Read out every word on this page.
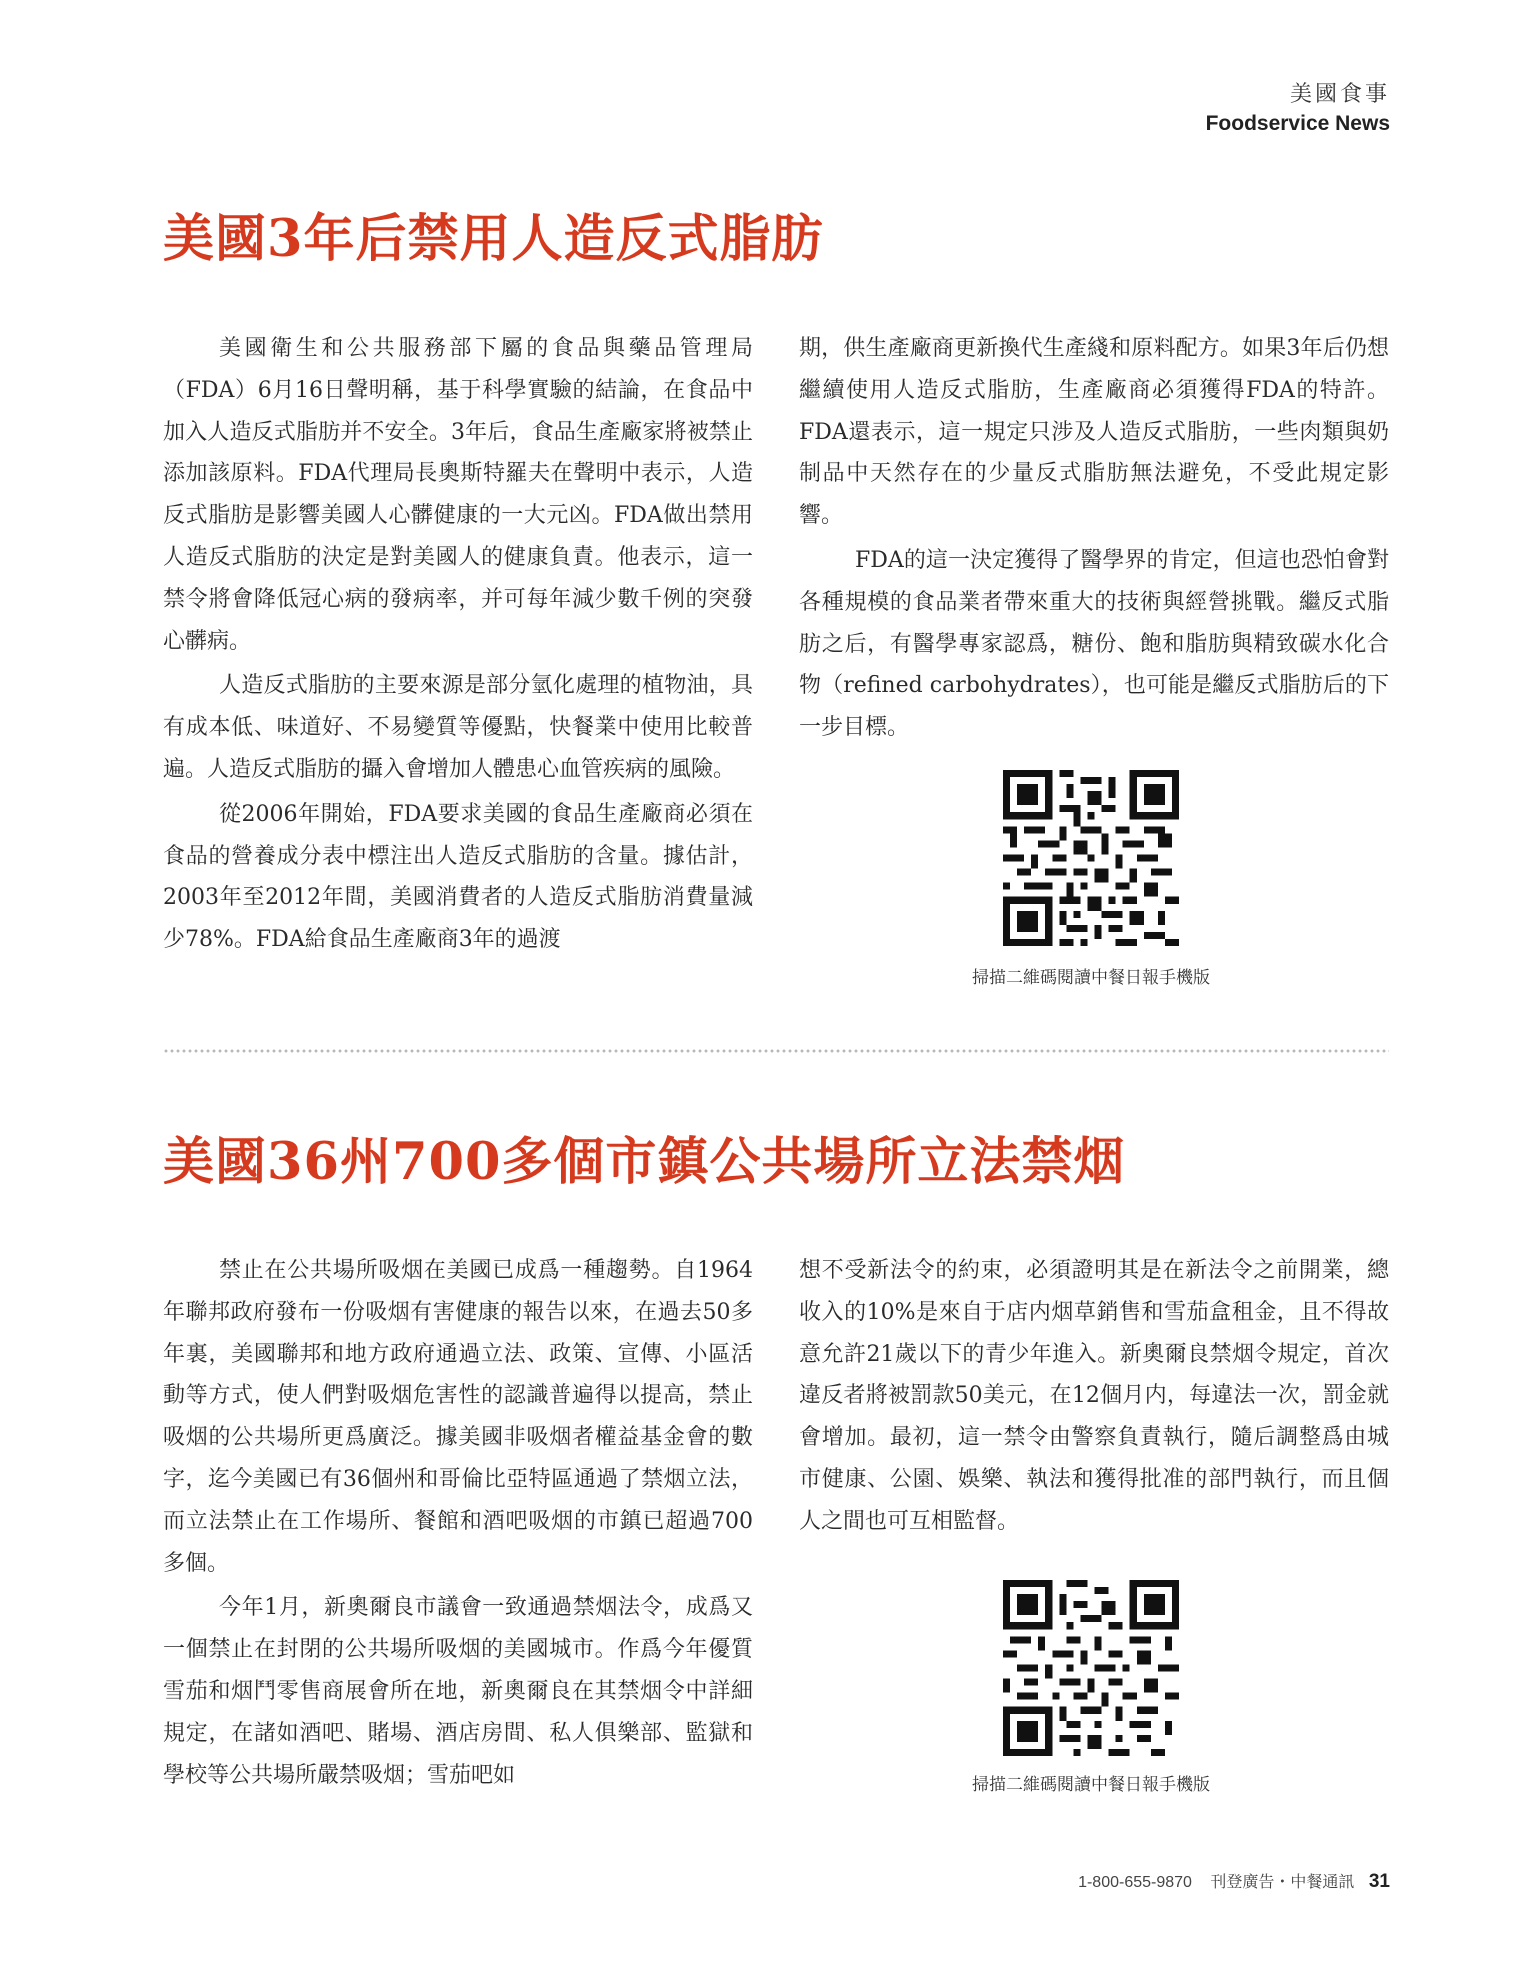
美國食事
Foodservice News
美國3年后禁用人造反式脂肪

美國衛生和公共服務部下屬的食品與藥品管理局（FDA）6月16日聲明稱，基于科學實驗的結論，在食品中加入人造反式脂肪并不安全。3年后，食品生產廠家將被禁止添加該原料。FDA代理局長奧斯特羅夫在聲明中表示，人造反式脂肪是影響美國人心髒健康的一大元凶。FDA做出禁用人造反式脂肪的決定是對美國人的健康負責。他表示，這一禁令將會降低冠心病的發病率，并可每年減少數千例的突發心髒病。

人造反式脂肪的主要來源是部分氫化處理的植物油，具有成本低、味道好、不易變質等優點，快餐業中使用比較普遍。人造反式脂肪的攝入會增加人體患心血管疾病的風險。

從2006年開始，FDA要求美國的食品生產廠商必須在食品的營養成分表中標注出人造反式脂肪的含量。據估計，2003年至2012年間，美國消費者的人造反式脂肪消費量減少78%。FDA給食品生產廠商3年的過渡

期，供生產廠商更新換代生產綫和原料配方。如果3年后仍想繼續使用人造反式脂肪，生產廠商必須獲得FDA的特許。FDA還表示，這一規定只涉及人造反式脂肪，一些肉類與奶制品中天然存在的少量反式脂肪無法避免，不受此規定影響。

FDA的這一決定獲得了醫學界的肯定，但這也恐怕會對各種規模的食品業者帶來重大的技術與經營挑戰。繼反式脂肪之后，有醫學專家認爲，糖份、飽和脂肪與精致碳水化合物（refined carbohydrates），也可能是繼反式脂肪后的下一步目標。

掃描二維碼閱讀中餐日報手機版
美國36州700多個市鎮公共場所立法禁烟

禁止在公共場所吸烟在美國已成爲一種趨勢。自1964年聯邦政府發布一份吸烟有害健康的報告以來，在過去50多年裏，美國聯邦和地方政府通過立法、政策、宣傳、小區活動等方式，使人們對吸烟危害性的認識普遍得以提高，禁止吸烟的公共場所更爲廣泛。據美國非吸烟者權益基金會的數字，迄今美國已有36個州和哥倫比亞特區通過了禁烟立法，而立法禁止在工作場所、餐館和酒吧吸烟的市鎮已超過700多個。

今年1月，新奧爾良市議會一致通過禁烟法令，成爲又一個禁止在封閉的公共場所吸烟的美國城市。作爲今年優質雪茄和烟鬥零售商展會所在地，新奧爾良在其禁烟令中詳細規定，在諸如酒吧、賭場、酒店房間、私人俱樂部、監獄和學校等公共場所嚴禁吸烟；雪茄吧如

想不受新法令的約束，必須證明其是在新法令之前開業，總收入的10%是來自于店内烟草銷售和雪茄盒租金，且不得故意允許21歲以下的青少年進入。新奧爾良禁烟令規定，首次違反者將被罰款50美元，在12個月内，每違法一次，罰金就會增加。最初，這一禁令由警察負責執行，隨后調整爲由城市健康、公園、娛樂、執法和獲得批准的部門執行，而且個人之間也可互相監督。

掃描二維碼閱讀中餐日報手機版
1-800-655-9870 刊登廣告・中餐通訊 31
